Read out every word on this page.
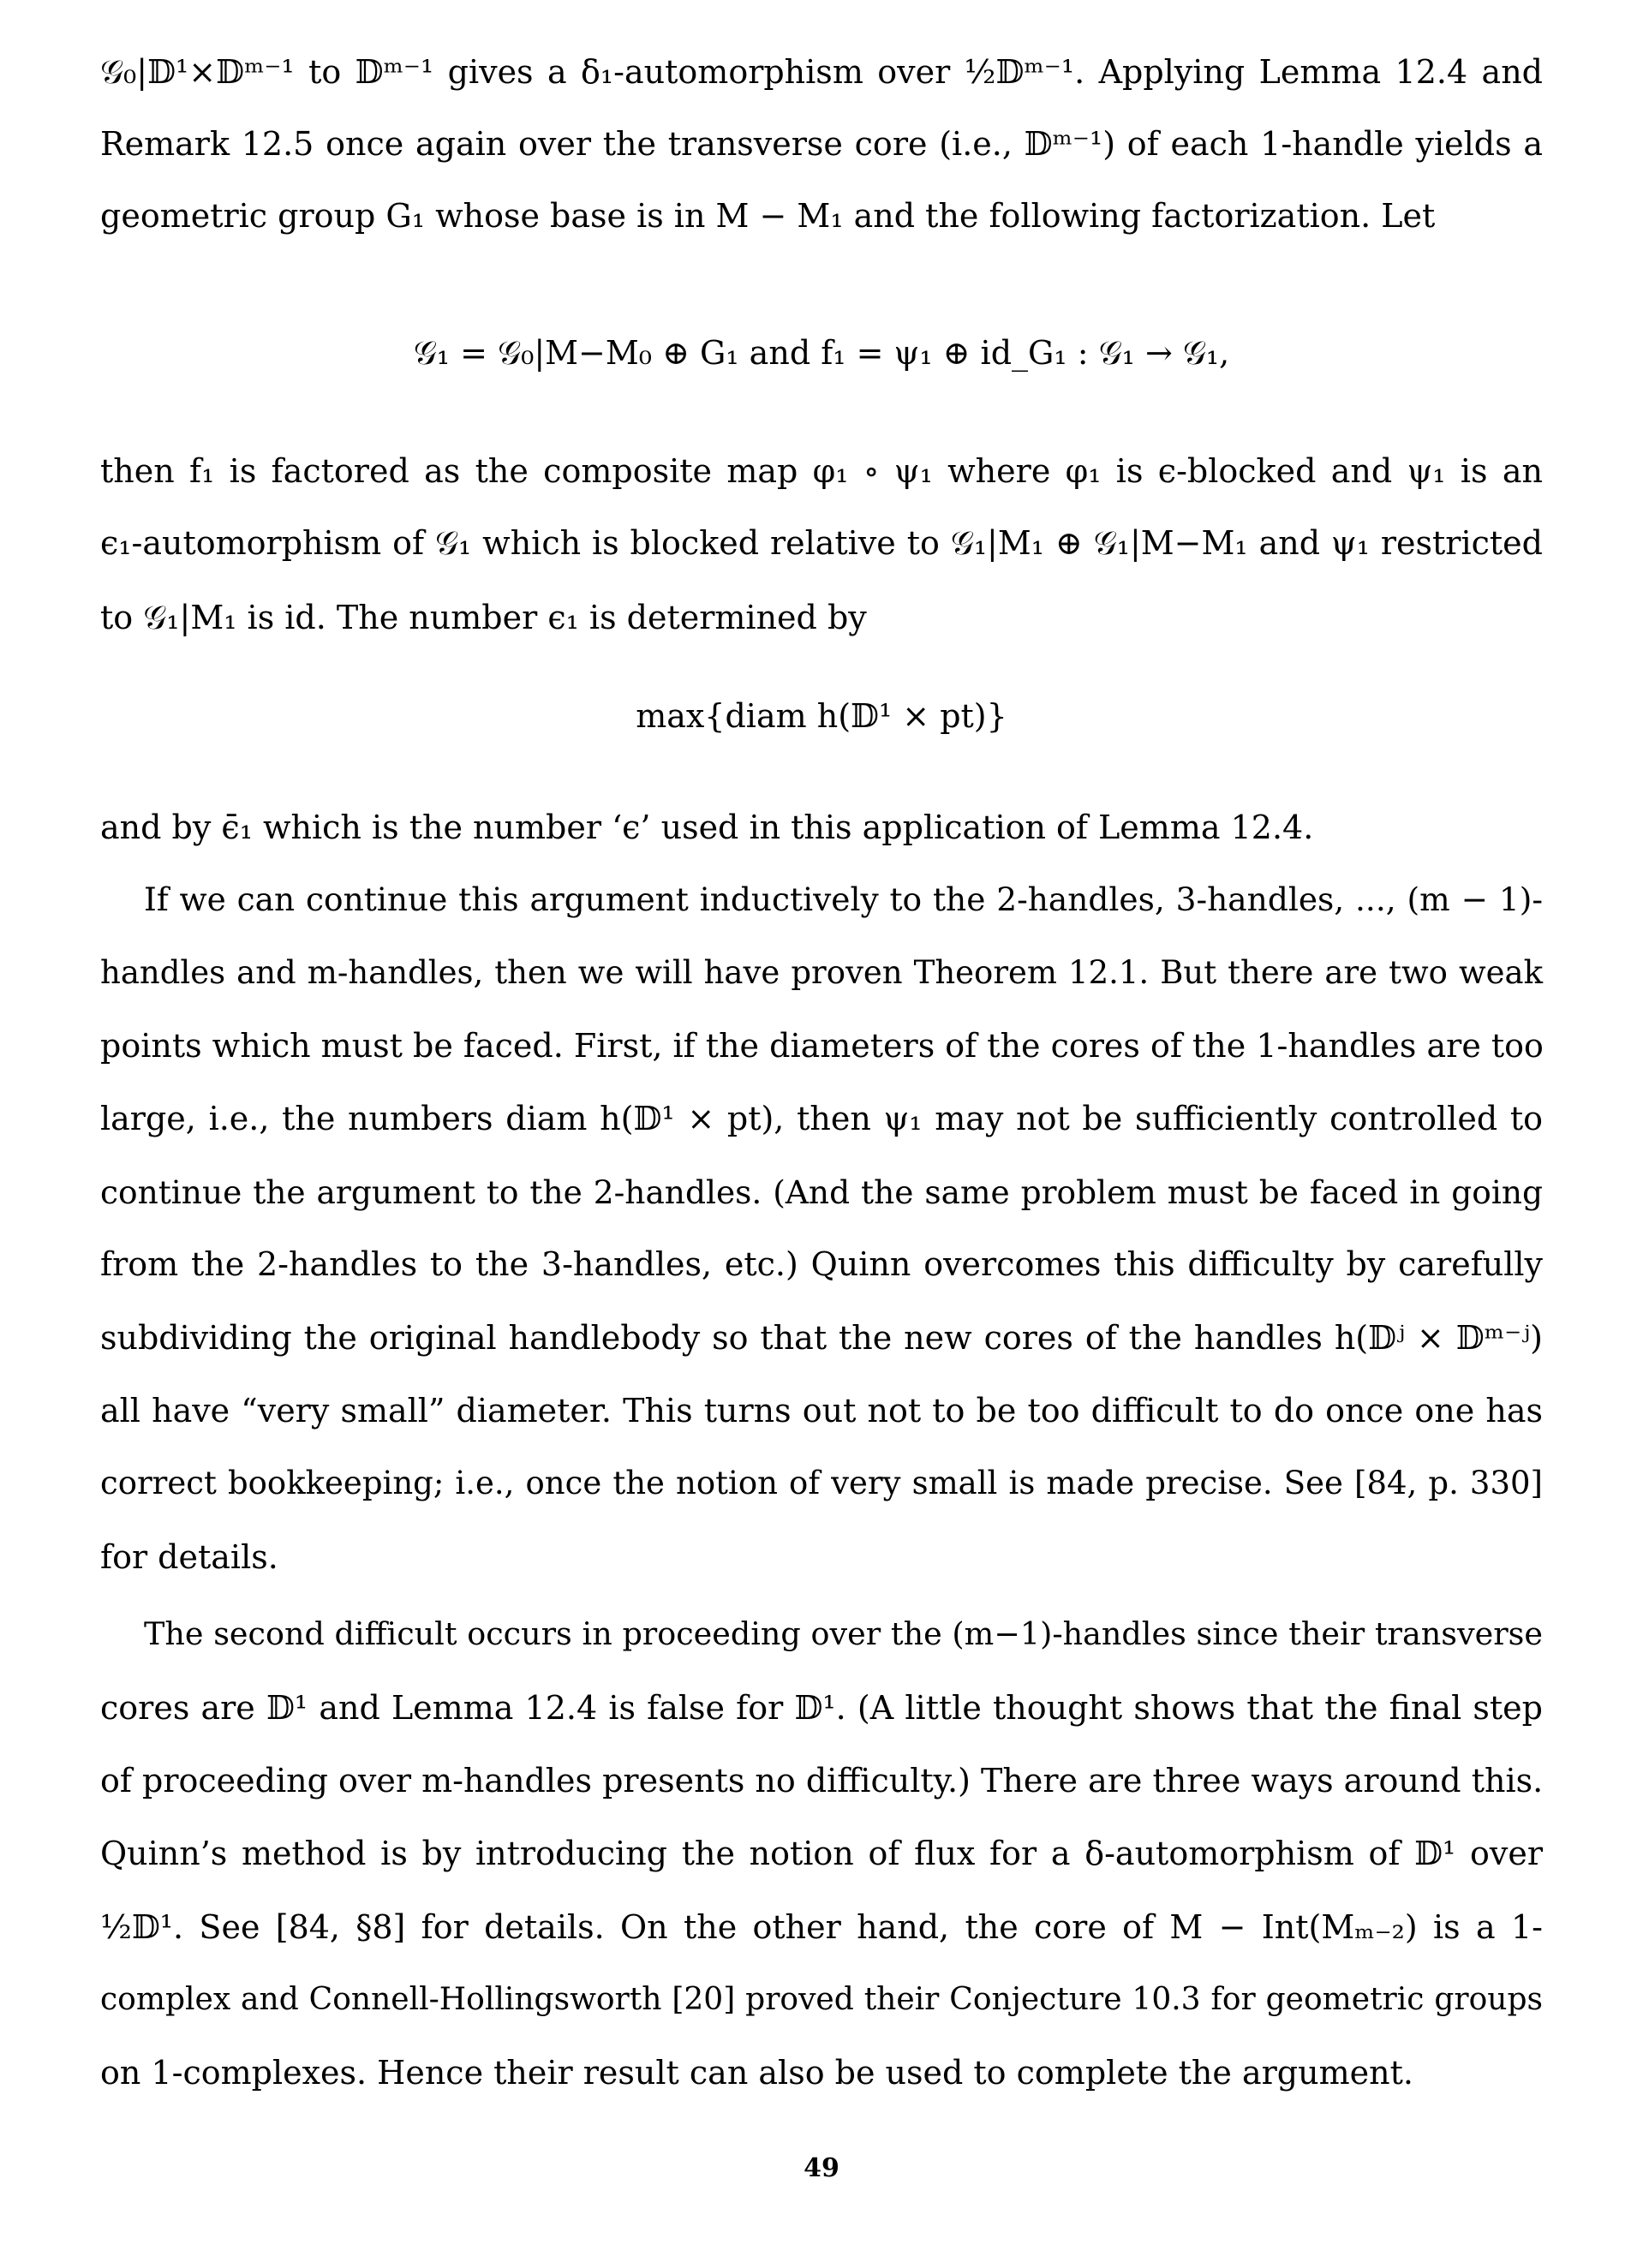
𝒢₀|𝔻¹×𝔻ᵐ⁻¹ to 𝔻ᵐ⁻¹ gives a δ₁-automorphism over ½𝔻ᵐ⁻¹. Applying Lemma 12.4 and
Remark 12.5 once again over the transverse core (i.e., 𝔻ᵐ⁻¹) of each 1-handle yields a
geometric group G₁ whose base is in M − M₁ and the following factorization. Let
𝒢₁ = 𝒢₀|M−M₀ ⊕ G₁ and f₁ = ψ₁ ⊕ id_G₁ : 𝒢₁ → 𝒢₁,
then f₁ is factored as the composite map φ₁ ∘ ψ₁ where φ₁ is ϵ-blocked and ψ₁ is an
ϵ₁-automorphism of 𝒢₁ which is blocked relative to 𝒢₁|M₁ ⊕ 𝒢₁|M−M₁ and ψ₁ restricted
to 𝒢₁|M₁ is id. The number ϵ₁ is determined by
max{diam h(𝔻¹ × pt)}
and by ϵ̄₁ which is the number ‘ϵ’ used in this application of Lemma 12.4.
If we can continue this argument inductively to the 2-handles, 3-handles, ..., (m − 1)-
handles and m-handles, then we will have proven Theorem 12.1. But there are two weak
points which must be faced. First, if the diameters of the cores of the 1-handles are too
large, i.e., the numbers diam h(𝔻¹ × pt), then ψ₁ may not be sufficiently controlled to
continue the argument to the 2-handles. (And the same problem must be faced in going
from the 2-handles to the 3-handles, etc.) Quinn overcomes this difficulty by carefully
subdividing the original handlebody so that the new cores of the handles h(𝔻ʲ × 𝔻ᵐ⁻ʲ)
all have “very small” diameter. This turns out not to be too difficult to do once one has
correct bookkeeping; i.e., once the notion of very small is made precise. See [84, p. 330]
for details.
The second difficult occurs in proceeding over the (m−1)-handles since their transverse
cores are 𝔻¹ and Lemma 12.4 is false for 𝔻¹. (A little thought shows that the final step
of proceeding over m-handles presents no difficulty.) There are three ways around this.
Quinn’s method is by introducing the notion of flux for a δ-automorphism of 𝔻¹ over
½𝔻¹. See [84, §8] for details. On the other hand, the core of M − Int(Mₘ₋₂) is a 1-
complex and Connell-Hollingsworth [20] proved their Conjecture 10.3 for geometric groups
on 1-complexes. Hence their result can also be used to complete the argument.
49
